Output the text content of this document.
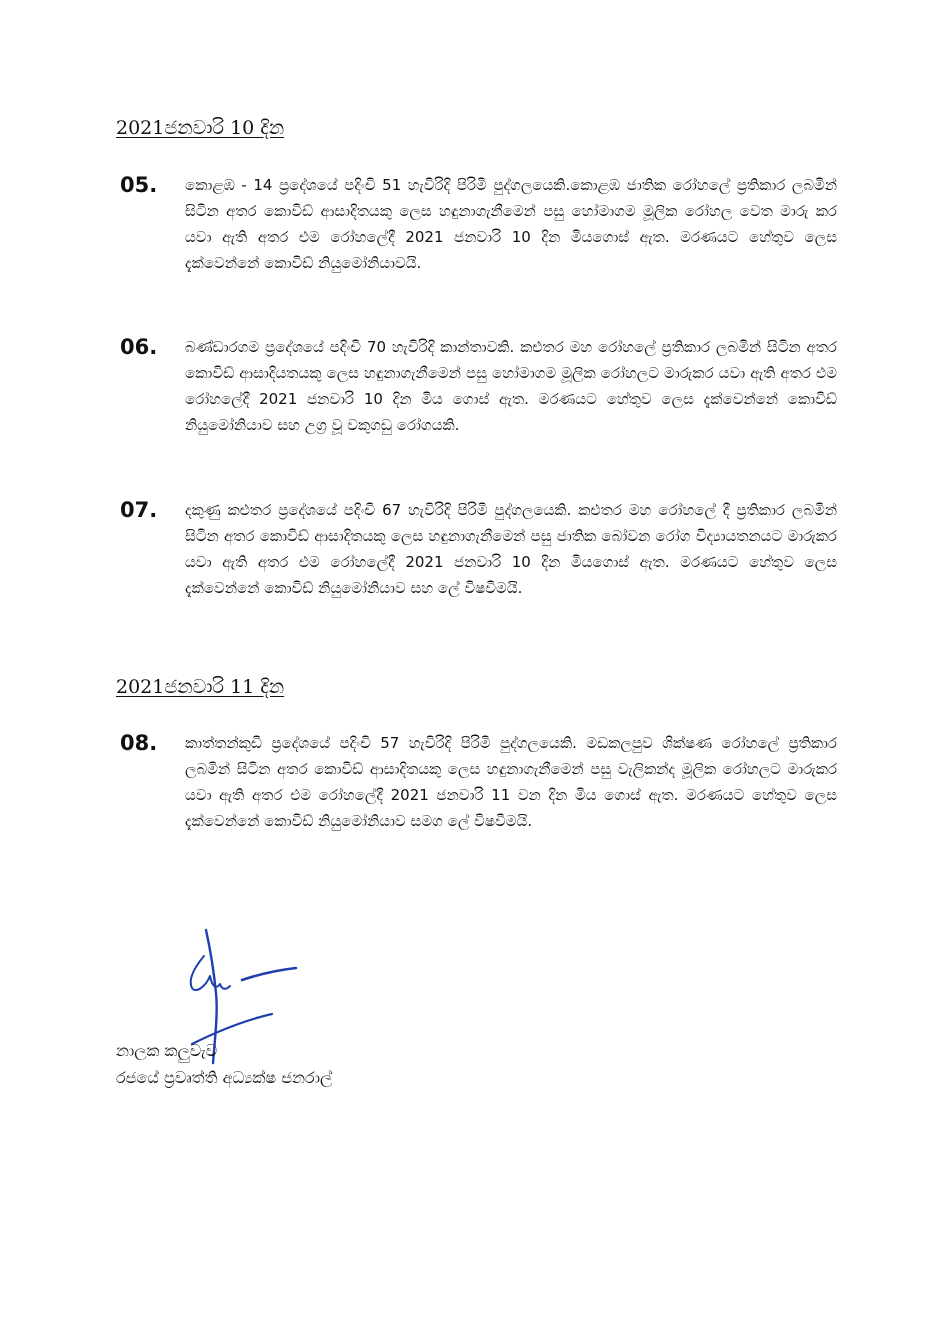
2021ජනවාරි 10 දින
05. කොළඹ - 14 ප්‍රදේශයේ පදිංචි 51 හැවිරිදි පිරිමි පුද්ගලයෙකි.කොළඹ ජාතික රෝහලේ ප්‍රතිකාර ලබමින් සිටින අතර කොවිඩ් ආසාදිතයකු ලෙස හඳුනාගැනීමෙන් පසු හෝමාගම මූලික රෝහල වෙත මාරු කර යවා ඇති අතර එම රෝහලේදී 2021 ජනවාරි 10 දින මියගොස් ඇත. මරණයට හේතුව ලෙස දැක්වෙන්නේ කොවිඩ් නියුමෝනියාවයි.

06. බණ්ඩාරගම ප්‍රදේශයේ පදිංචි 70 හැවිරිදි කාන්තාවකි. කළුතර මහ රෝහලේ ප්‍රතිකාර ලබමින් සිටින අතර කොවිඩ් ආසාදියතයකු ලෙස හඳුනාගැනීමෙන් පසු හෝමාගම මූලික රෝහලට මාරුකර යවා ඇති අතර එම රෝහලේදී 2021 ජනවාරි 10 දින මිය ගොස් ඇත. මරණයට හේතුව ලෙස දැක්වෙන්නේ කොවිඩ් නියුමෝනියාව සහ උග්‍ර වූ වකුගඩු රෝගයකි.

07. දකුණු කළුතර ප්‍රදේශයේ පදිංචි 67 හැවිරිදි පිරිමි පුද්ගලයෙකි. කළුතර මහ රෝහලේ දී ප්‍රතිකාර ලබමින් සිටින අතර කොවිඩ් ආසාදිතයකු ලෙස හඳුනාගැනීමෙන් පසු ජාතික බෝවන රෝග විද්‍යායතනයට මාරුකර යවා ඇති අතර එම රෝහලේදී 2021 ජනවාරි 10 දින මියගොස් ඇත. මරණයට හේතුව ලෙස දැක්වෙන්නේ කොවිඩ් නියුමෝනියාව සහ ලේ විෂවීමයි.

2021ජනවාරි 11 දින
08. කාත්තන්කුඩි ප්‍රදේශයේ පදිංචි 57 හැවිරිදි පිරිමි පුද්ගලයෙකි. මඩකලපුව ශික්ෂණ රෝහලේ ප්‍රතිකාර ලබමින් සිටින අතර කොවිඩ් ආසාදිතයකු ලෙස හඳුනාගැනීමෙන් පසු වැලිකන්ද මූලික රෝහලට මාරුකර යවා ඇති අතර එම රෝහලේදී 2021 ජනවාරි 11 වන දින මිය ගොස් ඇත. මරණයට හේතුව ලෙස දැක්වෙන්නේ කොවිඩ් නියුමෝනියාව සමග ලේ විෂවීමයි.

නාලක කලුවැව
රජයේ ප්‍රවෘත්ති අධ්‍යක්ෂ ජනරාල්
